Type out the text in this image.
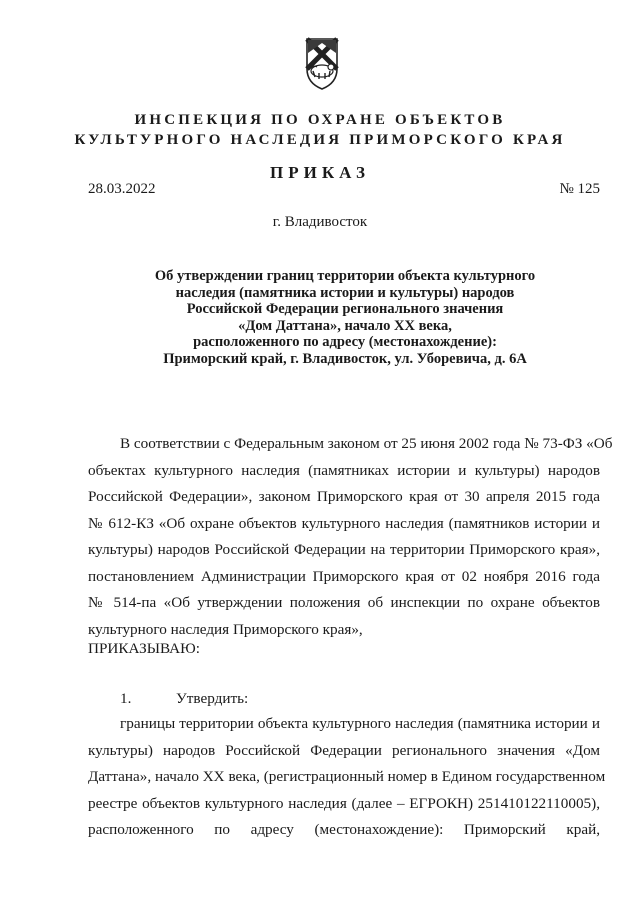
ИНСПЕКЦИЯ ПО ОХРАНЕ ОБЪЕКТОВ
КУЛЬТУРНОГО НАСЛЕДИЯ ПРИМОРСКОГО КРАЯ
ПРИКАЗ
28.03.2022	№ 125
г. Владивосток
Об утверждении границ территории объекта культурного
наследия (памятника истории и культуры) народов
Российской Федерации регионального значения
«Дом Даттана», начало XX века,
расположенного по адресу (местонахождение):
Приморский край, г. Владивосток, ул. Уборевича, д. 6А
В соответствии с Федеральным законом от 25 июня 2002 года № 73-ФЗ «Об
объектах культурного наследия (памятниках истории и культуры) народов
Российской Федерации», законом Приморского края от 30 апреля 2015 года
№ 612-КЗ «Об охране объектов культурного наследия (памятников истории и
культуры) народов Российской Федерации на территории Приморского края»,
постановлением Администрации Приморского края от 02 ноября 2016 года
№ 514-па «Об утверждении положения об инспекции по охране объектов
культурного наследия Приморского края»,
ПРИКАЗЫВАЮ:
1.	Утвердить:
границы территории объекта культурного наследия (памятника истории и
культуры) народов Российской Федерации регионального значения «Дом
Даттана», начало XX века, (регистрационный номер в Едином государственном
реестре объектов культурного наследия (далее – ЕГРОКН) 251410122110005),
расположенного по адресу (местонахождение): Приморский край,
